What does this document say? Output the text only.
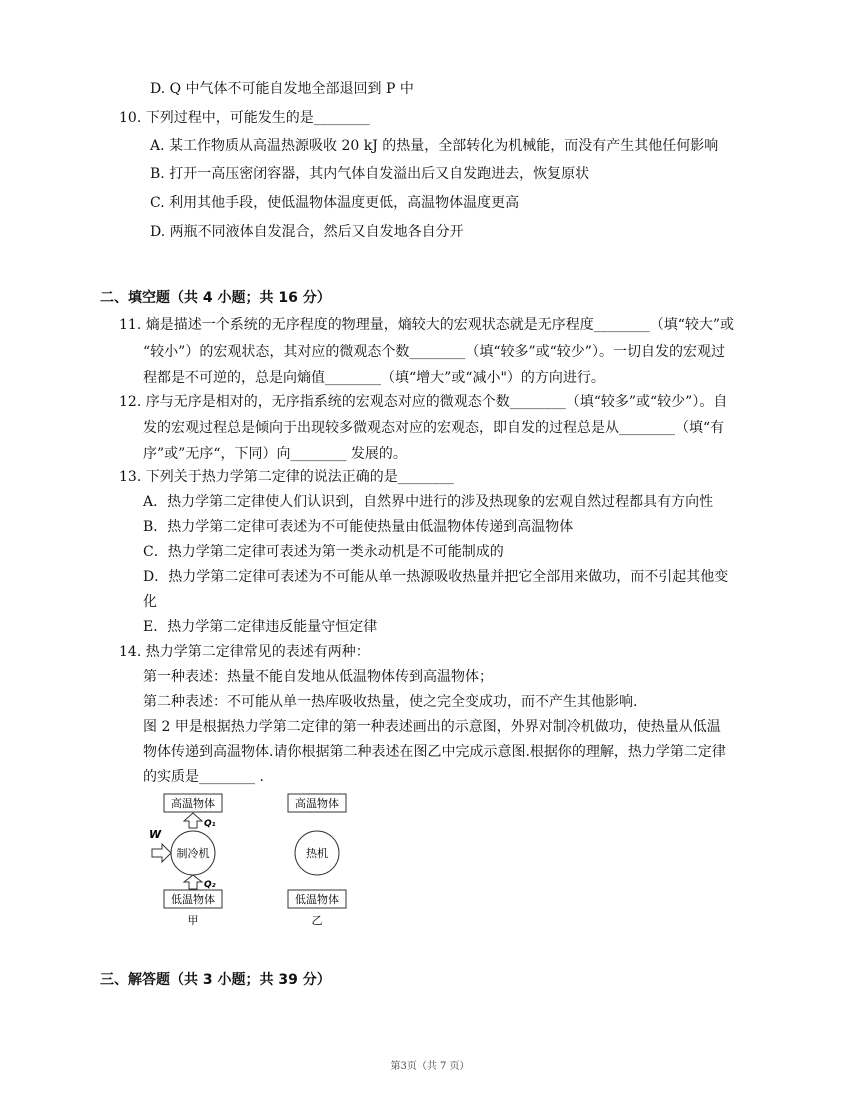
D. Q 中气体不可能自发地全部退回到 P 中
10. 下列过程中，可能发生的是________
A. 某工作物质从高温热源吸收 20 kJ 的热量，全部转化为机械能，而没有产生其他任何影响
B. 打开一高压密闭容器，其内气体自发溢出后又自发跑进去，恢复原状
C. 利用其他手段，使低温物体温度更低，高温物体温度更高
D. 两瓶不同液体自发混合，然后又自发地各自分开
二、填空题（共 4 小题；共 16 分）
11. 熵是描述一个系统的无序程度的物理量，熵较大的宏观状态就是无序程度________（填“较大”或
“较小”）的宏观状态，其对应的微观态个数________（填“较多”或“较少”）。一切自发的宏观过
程都是不可逆的，总是向熵值________（填“增大”或“减小"）的方向进行。
12. 序与无序是相对的，无序指系统的宏观态对应的微观态个数________（填“较多”或“较少”）。自
发的宏观过程总是倾向于出现较多微观态对应的宏观态，即自发的过程总是从________（填“有
序”或”无序“，下同）向________ 发展的。
13. 下列关于热力学第二定律的说法正确的是________
A．热力学第二定律使人们认识到，自然界中进行的涉及热现象的宏观自然过程都具有方向性
B．热力学第二定律可表述为不可能使热量由低温物体传递到高温物体
C．热力学第二定律可表述为第一类永动机是不可能制成的
D．热力学第二定律可表述为不可能从单一热源吸收热量并把它全部用来做功，而不引起其他变
化
E．热力学第二定律违反能量守恒定律
14. 热力学第二定律常见的表述有两种：
第一种表述：热量不能自发地从低温物体传到高温物体；
第二种表述：不可能从单一热库吸收热量，使之完全变成功，而不产生其他影响.
图 2 甲是根据热力学第二定律的第一种表述画出的示意图，外界对制冷机做功，使热量从低温
物体传递到高温物体.请你根据第二种表述在图乙中完成示意图.根据你的理解，热力学第二定律
的实质是________ .
高温物体
Q₁
制冷机
W
Q₂
低温物体
甲
高温物体
热机
低温物体
乙
三、解答题（共 3 小题；共 39 分）
第3页（共 7 页）
